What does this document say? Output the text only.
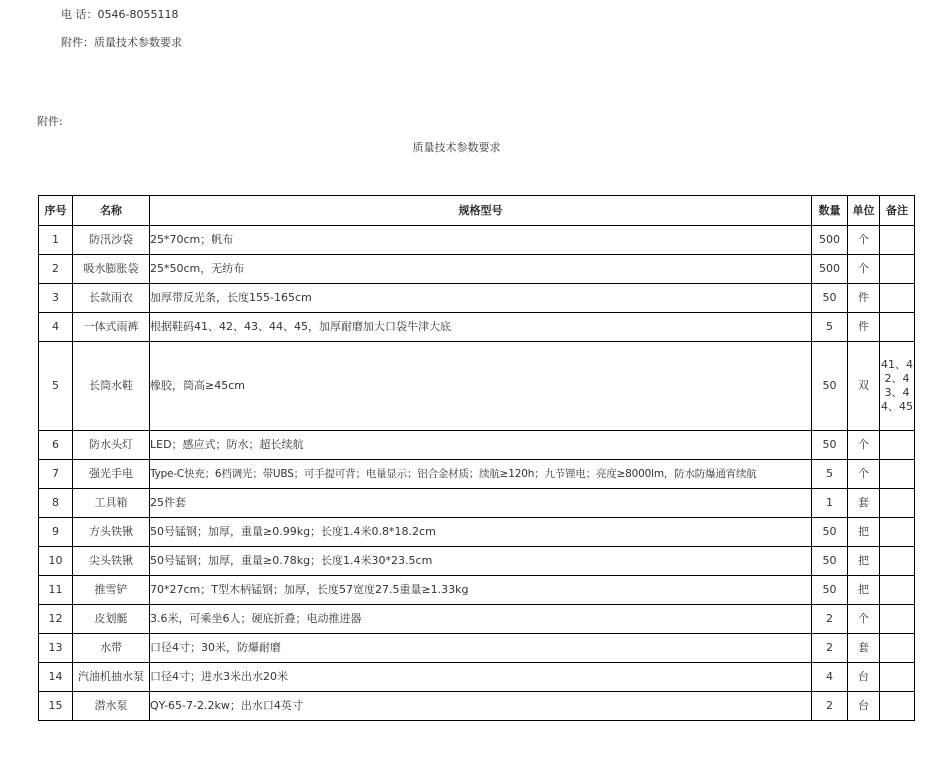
电 话：0546-8055118
附件：质量技术参数要求
附件:
质量技术参数要求
序号	名称	规格型号	数量	单位	备注
1	防汛沙袋	25*70cm；帆布	500	个	
2	吸水膨胀袋	25*50cm，无纺布	500	个	
3	长款雨衣	加厚带反光条，长度155-165cm	50	件	
4	一体式雨裤	根据鞋码41、42、43、44、45，加厚耐磨加大口袋牛津大底	5	件	
5	长筒水鞋	橡胶，筒高≥45cm	50	双	41、42、43、44、45
6	防水头灯	LED；感应式；防水；超长续航	50	个	
7	强光手电	Type-C快充；6档调光；带UBS；可手提可背；电量显示；铝合金材质；续航≥120h；九节锂电；亮度≥8000lm，防水防爆通宵续航	5	个	
8	工具箱	25件套	1	套	
9	方头铁锹	50号锰钢；加厚，重量≥0.99kg；长度1.4米0.8*18.2cm	50	把	
10	尖头铁锹	50号锰钢；加厚，重量≥0.78kg；长度1.4米30*23.5cm	50	把	
11	推雪铲	70*27cm；T型木柄锰钢；加厚，长度57宽度27.5重量≥1.33kg	50	把	
12	皮划艇	3.6米，可乘坐6人；硬底折叠；电动推进器	2	个	
13	水带	口径4寸；30米，防爆耐磨	2	套	
14	汽油机抽水泵	口径4寸；进水3米出水20米	4	台	
15	潜水泵	QY-65-7-2.2kw；出水口4英寸	2	台	
